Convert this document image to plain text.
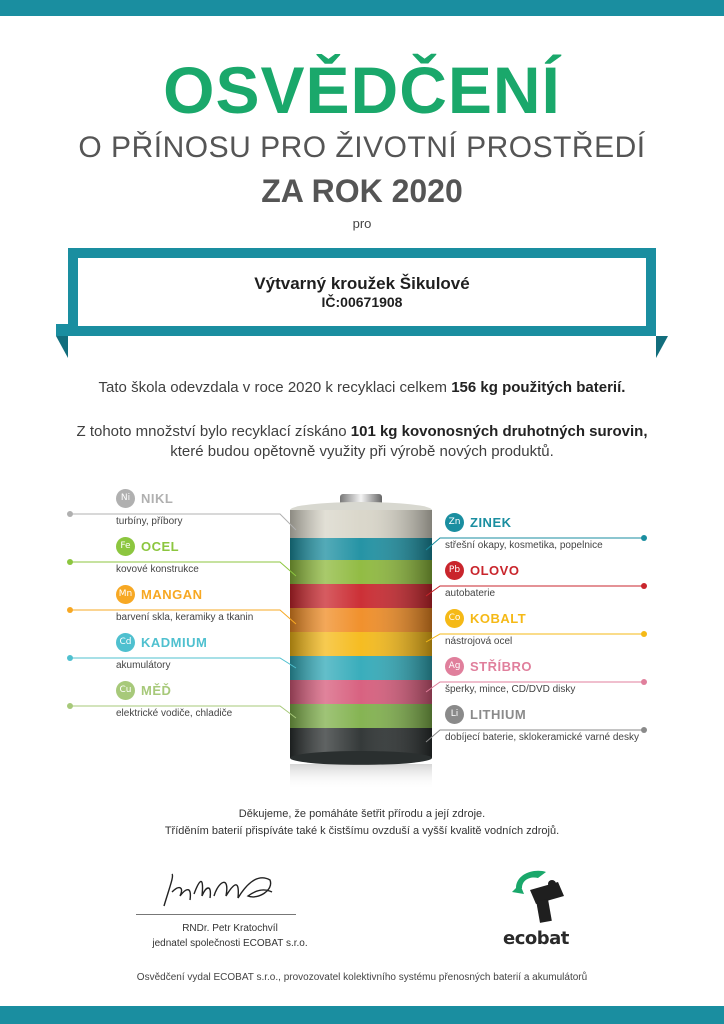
OSVĚDČENÍ
O PŘÍNOSU PRO ŽIVOTNÍ PROSTŘEDÍ
ZA ROK 2020
pro
Výtvarný kroužek Šikulové
IČ:00671908
Tato škola odevzdala v roce 2020 k recyklaci celkem 156 kg použitých baterií.
Z tohoto množství bylo recyklací získáno 101 kg kovonosných druhotných surovin,
které budou opětovně využity při výrobě nových produktů.
Ni NIKL
turbíny, příbory
Fe OCEL
kovové konstrukce
Mn MANGAN
barvení skla, keramiky a tkanin
Cd KADMIUM
akumulátory
Cu MĚĎ
elektrické vodiče, chladiče
Zn ZINEK
střešní okapy, kosmetika, popelnice
Pb OLOVO
autobaterie
Co KOBALT
nástrojová ocel
Ag STŘÍBRO
šperky, mince, CD/DVD disky
Li LITHIUM
dobíjecí baterie, sklokeramické varné desky
Děkujeme, že pomáháte šetřit přírodu a její zdroje.
Tříděním baterií přispíváte také k čistšímu ovzduší a vyšší kvalitě vodních zdrojů.
RNDr. Petr Kratochvíl
jednatel společnosti ECOBAT s.r.o.	ecobat
Osvědčení vydal ECOBAT s.r.o., provozovatel kolektivního systému přenosných baterií a akumulátorů
